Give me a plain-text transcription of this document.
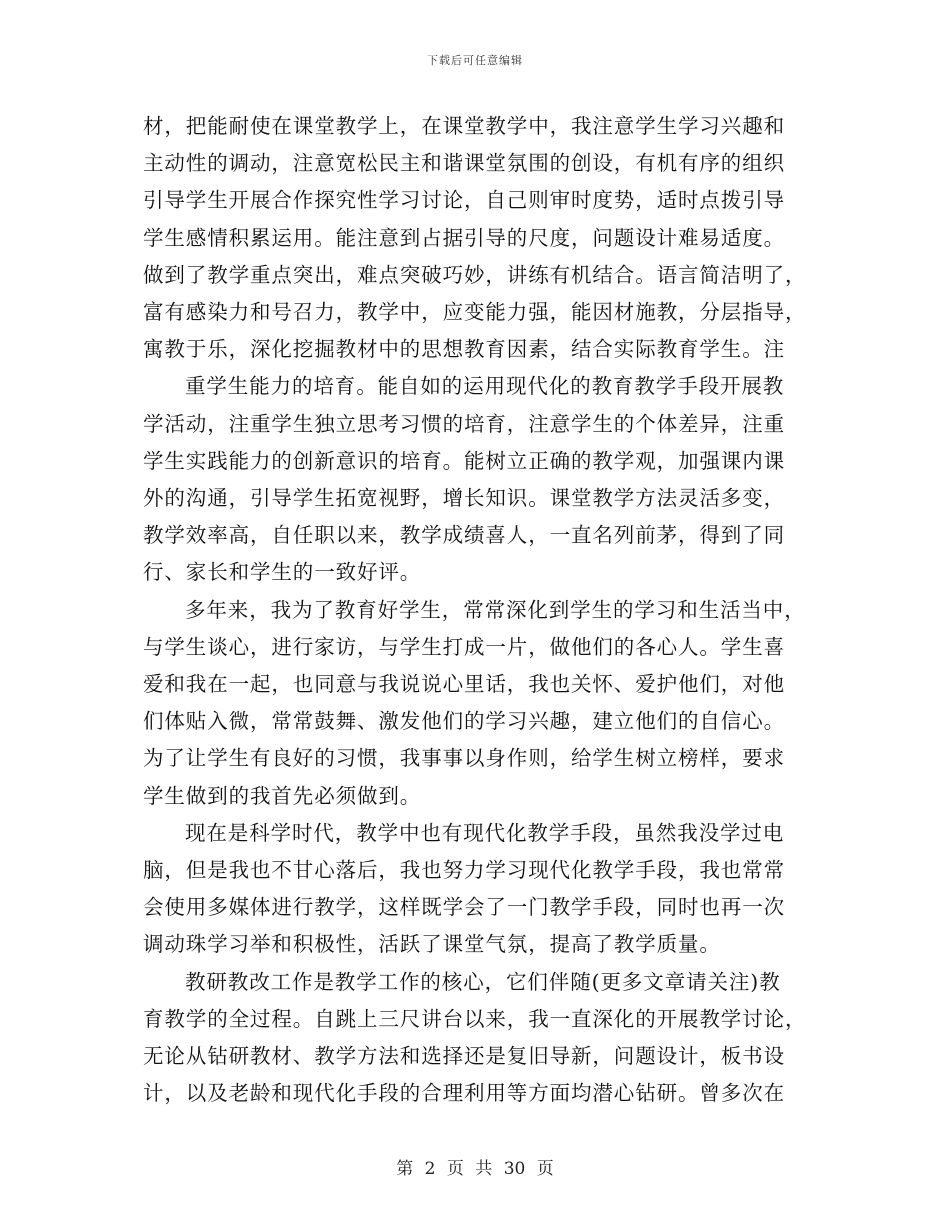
下载后可任意编辑

材，把能耐使在课堂教学上，在课堂教学中，我注意学生学习兴趣和
主动性的调动，注意宽松民主和谐课堂氛围的创设，有机有序的组织
引导学生开展合作探究性学习讨论，自己则审时度势，适时点拨引导
学生感情积累运用。能注意到占据引导的尺度，问题设计难易适度。
做到了教学重点突出，难点突破巧妙，讲练有机结合。语言简洁明了，
富有感染力和号召力，教学中，应变能力强，能因材施教，分层指导，
寓教于乐，深化挖掘教材中的思想教育因素，结合实际教育学生。注

重学生能力的培育。能自如的运用现代化的教育教学手段开展教
学活动，注重学生独立思考习惯的培育，注意学生的个体差异，注重
学生实践能力的创新意识的培育。能树立正确的教学观，加强课内课
外的沟通，引导学生拓宽视野，增长知识。课堂教学方法灵活多变，
教学效率高，自任职以来，教学成绩喜人，一直名列前茅，得到了同
行、家长和学生的一致好评。

多年来，我为了教育好学生，常常深化到学生的学习和生活当中，
与学生谈心，进行家访，与学生打成一片，做他们的各心人。学生喜
爱和我在一起，也同意与我说说心里话，我也关怀、爱护他们，对他
们体贴入微，常常鼓舞、激发他们的学习兴趣，建立他们的自信心。
为了让学生有良好的习惯，我事事以身作则，给学生树立榜样，要求
学生做到的我首先必须做到。

现在是科学时代，教学中也有现代化教学手段，虽然我没学过电
脑，但是我也不甘心落后，我也努力学习现代化教学手段，我也常常
会使用多媒体进行教学，这样既学会了一门教学手段，同时也再一次
调动珠学习举和积极性，活跃了课堂气氛，提高了教学质量。

教研教改工作是教学工作的核心，它们伴随(更多文章请关注)教
育教学的全过程。自跳上三尺讲台以来，我一直深化的开展教学讨论，
无论从钻研教材、教学方法和选择还是复旧导新，问题设计，板书设
计，以及老龄和现代化手段的合理利用等方面均潜心钻研。曾多次在

第 2 页 共 30 页
